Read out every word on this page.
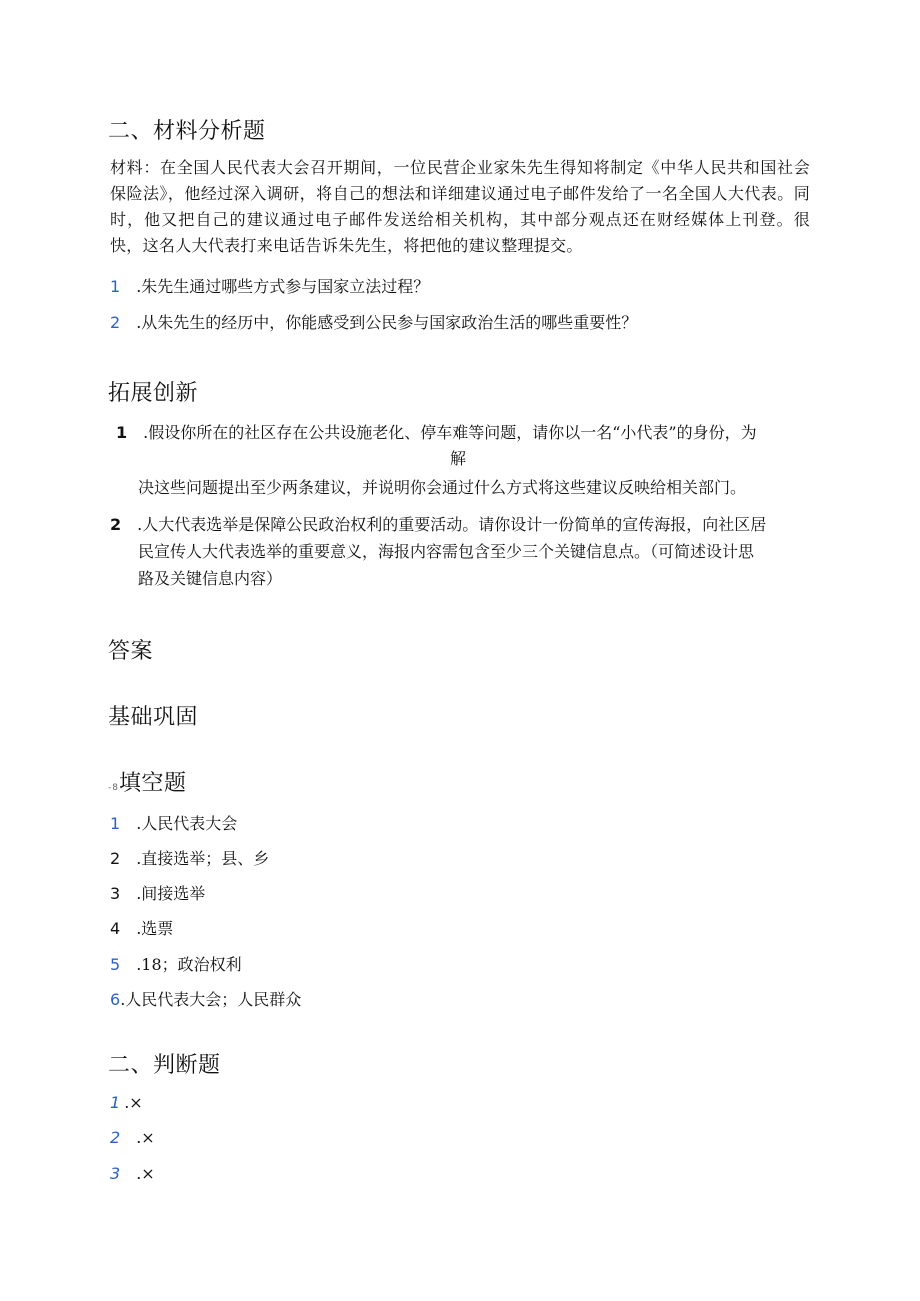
二、材料分析题

材料：在全国人民代表大会召开期间，一位民营企业家朱先生得知将制定《中华人民共和国社会保险法》，他经过深入调研，将自己的想法和详细建议通过电子邮件发给了一名全国人大代表。同时，他又把自己的建议通过电子邮件发送给相关机构，其中部分观点还在财经媒体上刊登。很快，这名人大代表打来电话告诉朱先生，将把他的建议整理提交。

1 .朱先生通过哪些方式参与国家立法过程？
2 .从朱先生的经历中，你能感受到公民参与国家政治生活的哪些重要性？
拓展创新
1 .假设你所在的社区存在公共设施老化、停车难等问题，请你以一名“小代表”的身份，为
解
决这些问题提出至少两条建议，并说明你会通过什么方式将这些建议反映给相关部门。
2 .人大代表选举是保障公民政治权利的重要活动。请你设计一份简单的宣传海报，向社区居
民宣传人大代表选举的重要意义，海报内容需包含至少三个关键信息点。（可简述设计思
路及关键信息内容）
答案
基础巩固
-8填空题
1 .人民代表大会
2 .直接选举；县、乡
3 .间接选举
4 .选票
5 .18；政治权利
6.人民代表大会；人民群众
二、判断题
1 .×
2 .×
3 .×
